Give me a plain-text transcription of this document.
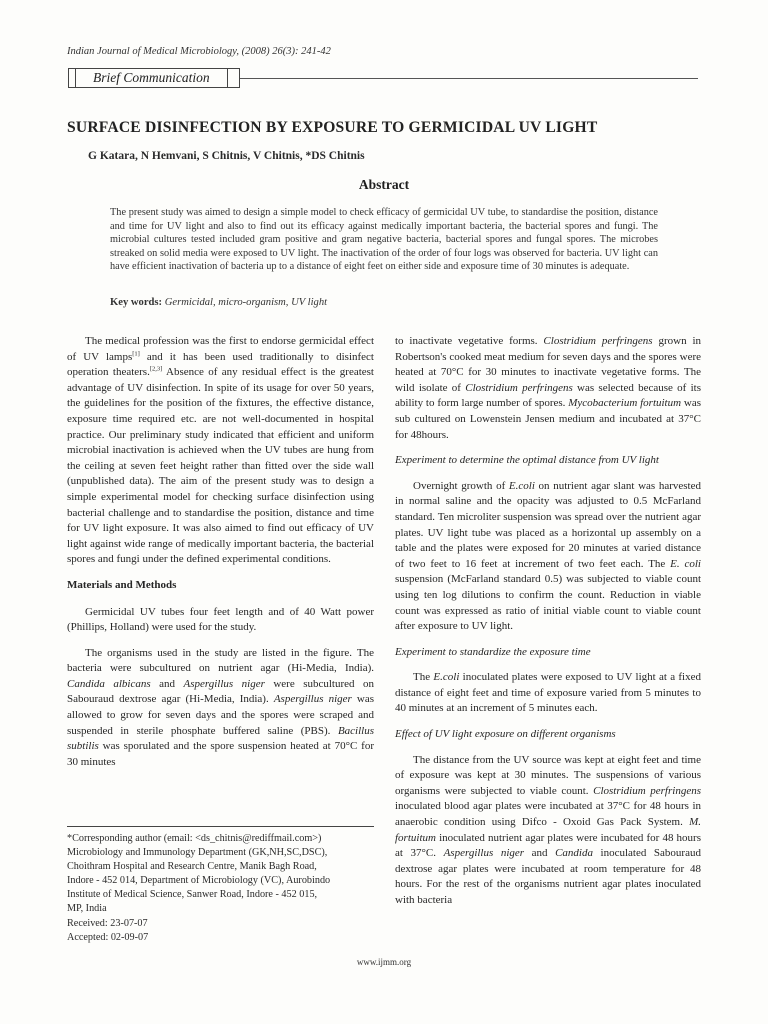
Indian Journal of Medical Microbiology, (2008) 26(3): 241-42
Brief Communication
SURFACE DISINFECTION BY EXPOSURE TO GERMICIDAL UV LIGHT
G Katara, N Hemvani, S Chitnis, V Chitnis, *DS Chitnis
Abstract

The present study was aimed to design a simple model to check efficacy of germicidal UV tube, to standardise the position, distance and time for UV light and also to find out its efficacy against medically important bacteria, the bacterial spores and fungi. The microbial cultures tested included gram positive and gram negative bacteria, bacterial spores and fungal spores. The microbes streaked on solid media were exposed to UV light. The inactivation of the order of four logs was observed for bacteria. UV light can have efficient inactivation of bacteria up to a distance of eight feet on either side and exposure time of 30 minutes is adequate.

Key words: Germicidal, micro-organism, UV light

The medical profession was the first to endorse germicidal effect of UV lamps[1] and it has been used traditionally to disinfect operation theaters.[2,3] Absence of any residual effect is the greatest advantage of UV disinfection. In spite of its usage for over 50 years, the guidelines for the position of the fixtures, the effective distance, exposure time required etc. are not well-documented in hospital practice. Our preliminary study indicated that efficient and uniform microbial inactivation is achieved when the UV tubes are hung from the ceiling at seven feet height rather than fitted over the side wall (unpublished data). The aim of the present study was to design a simple experimental model for checking surface disinfection using bacterial challenge and to standardise the position, distance and time for UV light exposure. It was also aimed to find out efficacy of UV light against wide range of medically important bacteria, the bacterial spores and fungi under the defined experimental conditions.

Materials and Methods

Germicidal UV tubes four feet length and of 40 Watt power (Phillips, Holland) were used for the study.

The organisms used in the study are listed in the figure. The bacteria were subcultured on nutrient agar (Hi-Media, India). Candida albicans and Aspergillus niger were subcultured on Sabouraud dextrose agar (Hi-Media, India). Aspergillus niger was allowed to grow for seven days and the spores were scraped and suspended in sterile phosphate buffered saline (PBS). Bacillus subtilis was sporulated and the spore suspension heated at 70°C for 30 minutes

to inactivate vegetative forms. Clostridium perfringens grown in Robertson's cooked meat medium for seven days and the spores were heated at 70°C for 30 minutes to inactivate vegetative forms. The wild isolate of Clostridium perfringens was selected because of its ability to form large number of spores. Mycobacterium fortuitum was sub cultured on Lowenstein Jensen medium and incubated at 37°C for 48hours.

Experiment to determine the optimal distance from UV light

Overnight growth of E.coli on nutrient agar slant was harvested in normal saline and the opacity was adjusted to 0.5 McFarland standard. Ten microliter suspension was spread over the nutrient agar plates. UV light tube was placed as a horizontal up assembly on a table and the plates were exposed for 20 minutes at varied distance of two feet to 16 feet at increment of two feet each. The E. coli suspension (McFarland standard 0.5) was subjected to viable count using ten log dilutions to confirm the count. Reduction in viable count was expressed as ratio of initial viable count to viable count after exposure to UV light.

Experiment to standardize the exposure time

The E.coli inoculated plates were exposed to UV light at a fixed distance of eight feet and time of exposure varied from 5 minutes to 40 minutes at an increment of 5 minutes each.

Effect of UV light exposure on different organisms

The distance from the UV source was kept at eight feet and time of exposure was kept at 30 minutes. The suspensions of various organisms were subjected to viable count. Clostridium perfringens inoculated blood agar plates were incubated at 37°C for 48 hours in anaerobic condition using Difco - Oxoid Gas Pack System. M. fortuitum inoculated nutrient agar plates were incubated for 48 hours at 37°C. Aspergillus niger and Candida inoculated Sabouraud dextrose agar plates were incubated at room temperature for 48 hours. For the rest of the organisms nutrient agar plates inoculated with bacteria

*Corresponding author (email: <ds_chitnis@rediffmail.com>)
Microbiology and Immunology Department (GK,NH,SC,DSC),
Choithram Hospital and Research Centre, Manik Bagh Road,
Indore - 452 014, Department of Microbiology (VC), Aurobindo
Institute of Medical Science, Sanwer Road, Indore - 452 015,
MP, India
Received: 23-07-07
Accepted: 02-09-07
www.ijmm.org
